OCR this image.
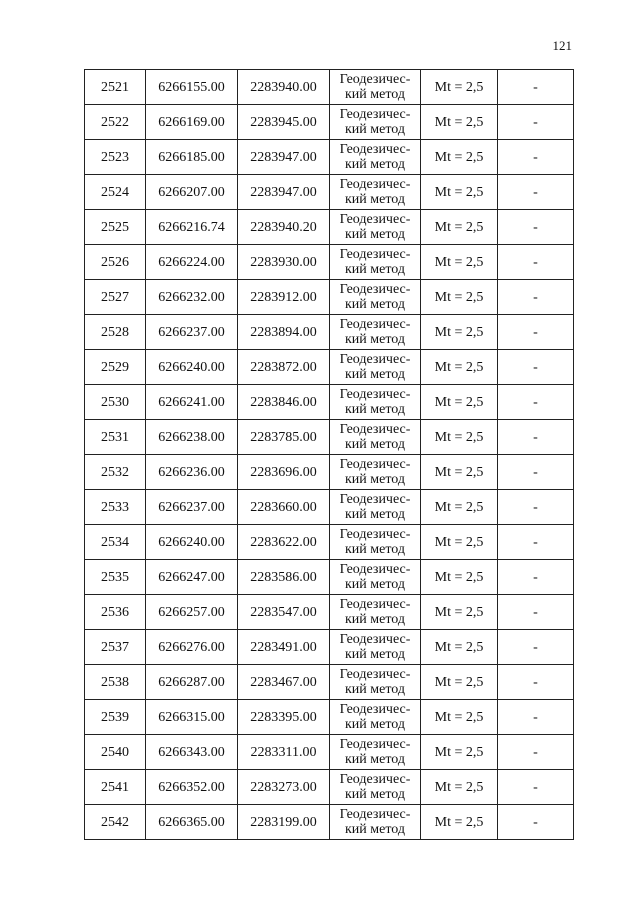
121
2521	6266155.00	2283940.00	Геодезичес-
кий метод	Mt = 2,5	-
2522	6266169.00	2283945.00	Геодезичес-
кий метод	Mt = 2,5	-
2523	6266185.00	2283947.00	Геодезичес-
кий метод	Mt = 2,5	-
2524	6266207.00	2283947.00	Геодезичес-
кий метод	Mt = 2,5	-
2525	6266216.74	2283940.20	Геодезичес-
кий метод	Mt = 2,5	-
2526	6266224.00	2283930.00	Геодезичес-
кий метод	Mt = 2,5	-
2527	6266232.00	2283912.00	Геодезичес-
кий метод	Mt = 2,5	-
2528	6266237.00	2283894.00	Геодезичес-
кий метод	Mt = 2,5	-
2529	6266240.00	2283872.00	Геодезичес-
кий метод	Mt = 2,5	-
2530	6266241.00	2283846.00	Геодезичес-
кий метод	Mt = 2,5	-
2531	6266238.00	2283785.00	Геодезичес-
кий метод	Mt = 2,5	-
2532	6266236.00	2283696.00	Геодезичес-
кий метод	Mt = 2,5	-
2533	6266237.00	2283660.00	Геодезичес-
кий метод	Mt = 2,5	-
2534	6266240.00	2283622.00	Геодезичес-
кий метод	Mt = 2,5	-
2535	6266247.00	2283586.00	Геодезичес-
кий метод	Mt = 2,5	-
2536	6266257.00	2283547.00	Геодезичес-
кий метод	Mt = 2,5	-
2537	6266276.00	2283491.00	Геодезичес-
кий метод	Mt = 2,5	-
2538	6266287.00	2283467.00	Геодезичес-
кий метод	Mt = 2,5	-
2539	6266315.00	2283395.00	Геодезичес-
кий метод	Mt = 2,5	-
2540	6266343.00	2283311.00	Геодезичес-
кий метод	Mt = 2,5	-
2541	6266352.00	2283273.00	Геодезичес-
кий метод	Mt = 2,5	-
2542	6266365.00	2283199.00	Геодезичес-
кий метод	Mt = 2,5	-
